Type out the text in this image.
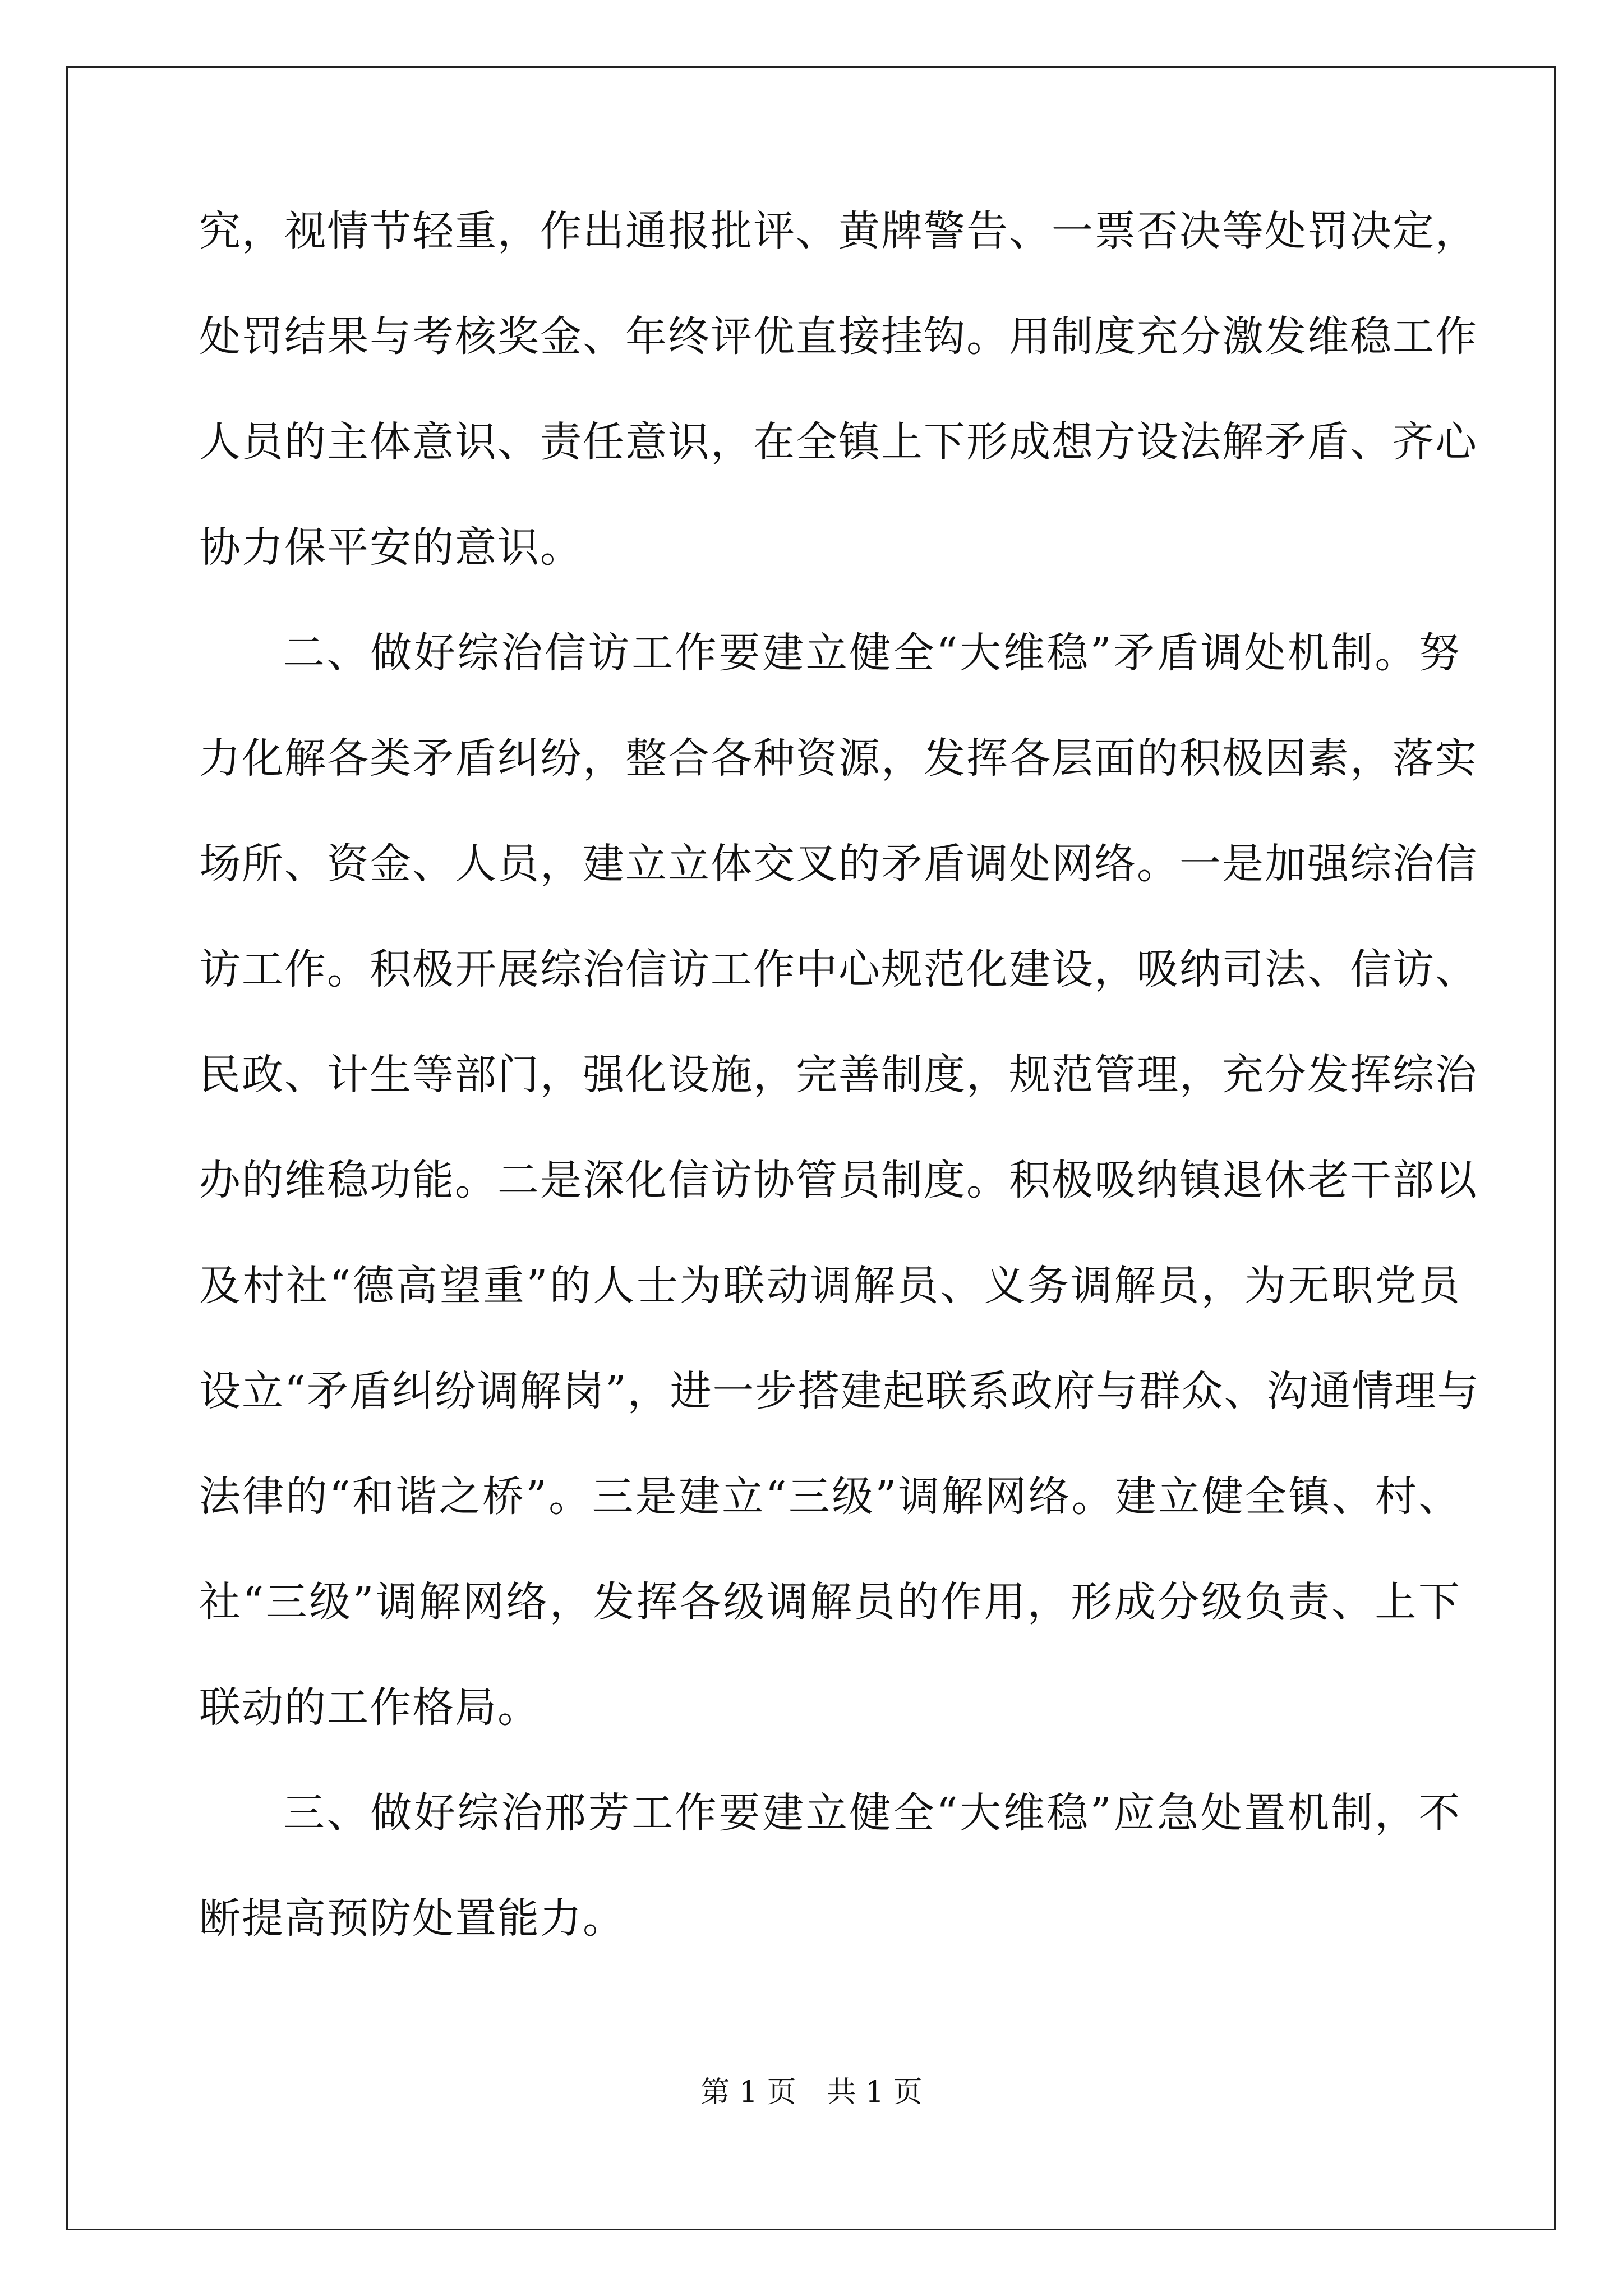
究，视情节轻重，作出通报批评、黄牌警告、一票否决等处罚决定，
处罚结果与考核奖金、年终评优直接挂钩。用制度充分激发维稳工作
人员的主体意识、责任意识，在全镇上下形成想方设法解矛盾、齐心
协力保平安的意识。
二、做好综治信访工作要建立健全“大维稳”矛盾调处机制。努
力化解各类矛盾纠纷，整合各种资源，发挥各层面的积极因素，落实
场所、资金、人员，建立立体交叉的矛盾调处网络。一是加强综治信
访工作。积极开展综治信访工作中心规范化建设，吸纳司法、信访、
民政、计生等部门，强化设施，完善制度，规范管理，充分发挥综治
办的维稳功能。二是深化信访协管员制度。积极吸纳镇退休老干部以
及村社“德高望重”的人士为联动调解员、义务调解员，为无职党员
设立“矛盾纠纷调解岗”，进一步搭建起联系政府与群众、沟通情理与
法律的“和谐之桥”。三是建立“三级”调解网络。建立健全镇、村、
社“三级”调解网络，发挥各级调解员的作用，形成分级负责、上下
联动的工作格局。
三、做好综治邢芳工作要建立健全“大维稳”应急处置机制，不
断提高预防处置能力。
第 1 页 共 1 页
